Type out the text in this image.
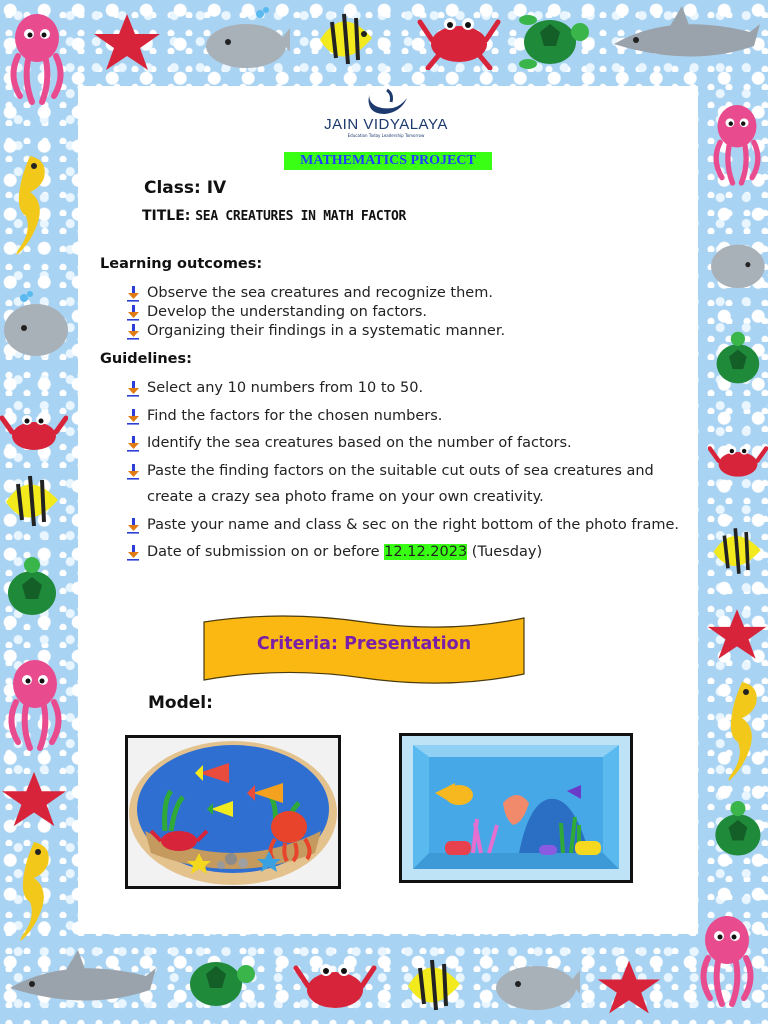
JAIN VIDYALAYA
Education Today Leadership Tomorrow
MATHEMATICS PROJECT
Class: IV
TITLE: SEA CREATURES IN MATH FACTOR
Learning outcomes:
Observe the sea creatures and recognize them.
Develop the understanding on factors.
Organizing their findings in a systematic manner.
Guidelines:
Select any 10 numbers from 10 to 50.
Find the factors for the chosen numbers.
Identify the sea creatures based on the number of factors.
Paste the finding factors on the suitable cut outs of sea creatures and create a crazy sea photo frame on your own creativity.
Paste your name and class & sec on the right bottom of the photo frame.
Date of submission on or before 12.12.2023 (Tuesday)
Criteria: Presentation
Model:
